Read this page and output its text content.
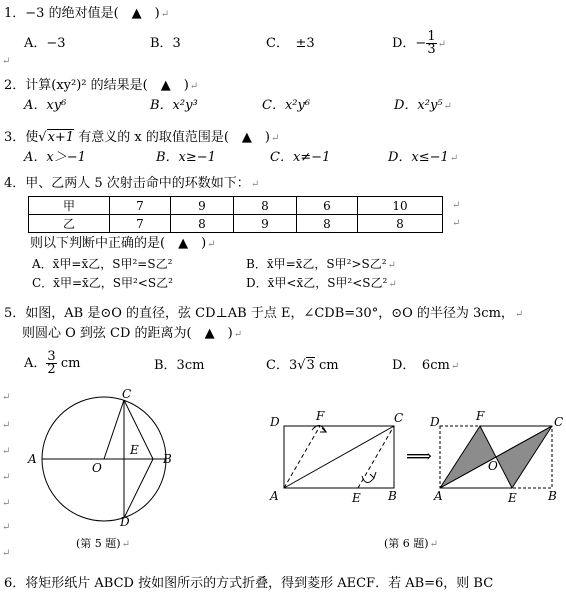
1．−3 的绝对值是(　▲　)↵
A．−3	B．3	C．　±3	D．− $\frac{1}{3}$ ↵
↵
2．计算(xy²)² 的结果是(　▲　)↵
A．xy⁶	B．x²y³	C．x²y⁶	D．x²y⁵↵
3．使√x+1 有意义的 x 的取值范围是(　▲　)↵
A．x＞−1	B．x≥−1	C．x≠−1	D．x≤−1↵
4．甲、乙两人 5 次射击命中的环数如下：↵
甲	7	9	8	6	10
乙	7	8	9	8	8
↵
↵
则以下判断中正确的是(　▲　)↵
A．x̄甲=x̄乙，S甲²=S乙²	B．x̄甲=x̄乙，S甲²>S乙²↵
C．x̄甲=x̄乙，S甲²<S乙²	D．x̄甲<x̄乙，S甲²<S乙²↵
5．如图，AB 是⊙O 的直径，弦 CD⊥AB 于点 E，∠CDB=30°，⊙O 的半径为 3cm，↵
则圆心 O 到弦 CD 的距离为(　▲　)↵
A． $\frac{3}{2}$ cm	B．3cm	C．3√3 cm	D．　6cm↵
↵
↵
↵
↵
↵
↵
↵
A	B
C
D
E
O
(第 5 题)↵
D	F	C
A	E B
⟹
D	F	C
O
A	E	B
(第 6 题)↵
6．将矩形纸片 ABCD 按如图所示的方式折叠，得到菱形 AECF．若 AB=6，则 BC
